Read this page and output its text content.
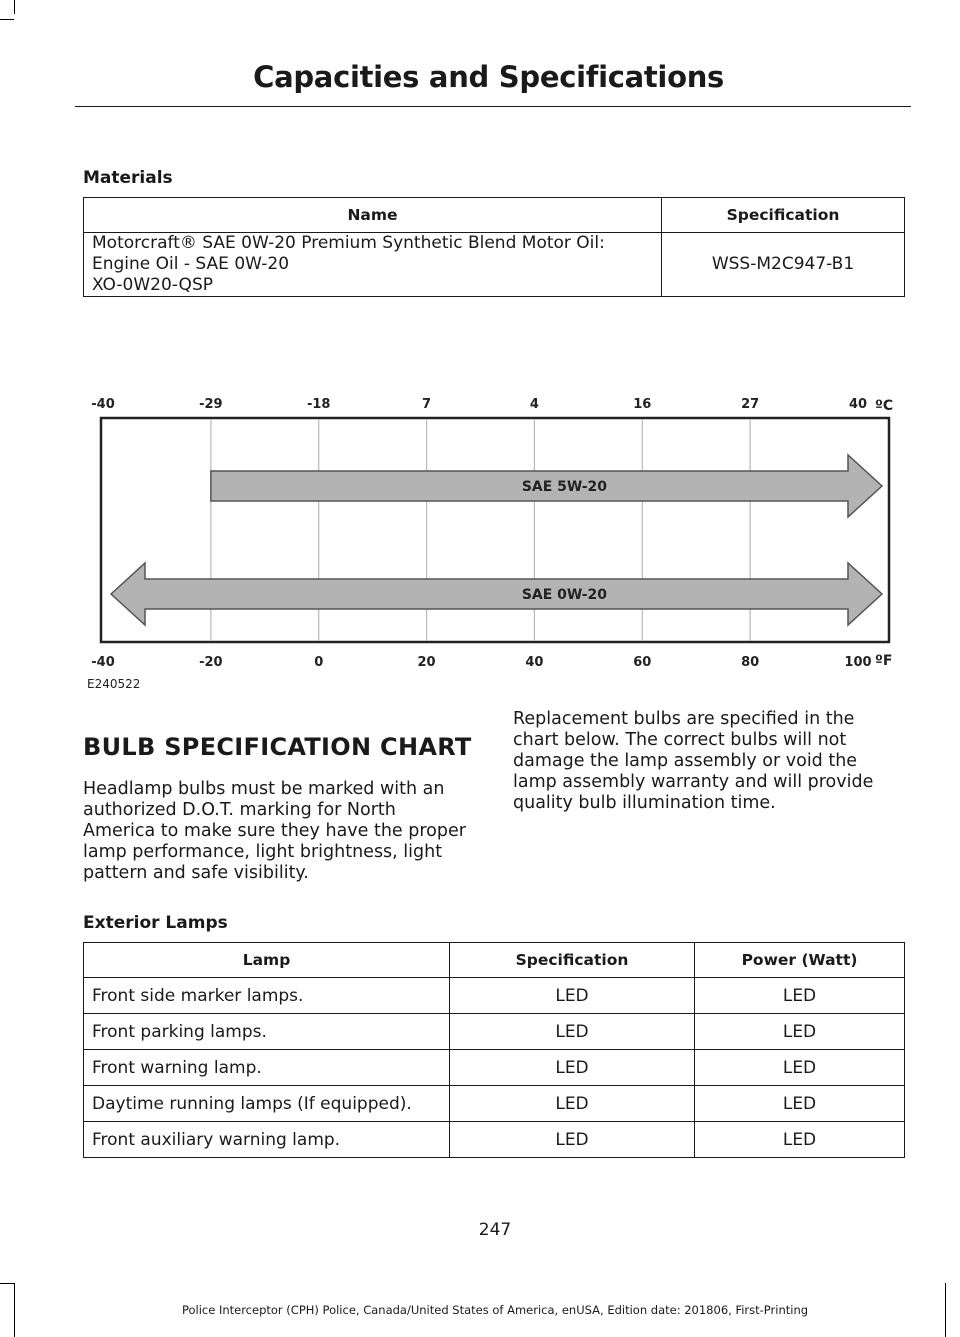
Capacities and Specifications
Materials
Name	Specification

Motorcraft® SAE 0W-20 Premium Synthetic Blend Motor Oil:
Engine Oil - SAE 0W-20
XO-0W20-QSP	WSS-M2C947-B1
-40	-29	-18	7	4	16	27	40 ºC
SAE 5W-20
SAE 0W-20
-40	-20	0	20	40	60	80	100 ºF
E240522
BULB SPECIFICATION CHART
Headlamp bulbs must be marked with an
authorized D.O.T. marking for North
America to make sure they have the proper
lamp performance, light brightness, light
pattern and safe visibility.
Replacement bulbs are specified in the
chart below. The correct bulbs will not
damage the lamp assembly or void the
lamp assembly warranty and will provide
quality bulb illumination time.
Exterior Lamps
Lamp	Specification	Power (Watt)
Front side marker lamps.	LED	LED
Front parking lamps.	LED	LED
Front warning lamp.	LED	LED
Daytime running lamps (If equipped).	LED	LED
Front auxiliary warning lamp.	LED	LED
247
Police Interceptor (CPH) Police, Canada/United States of America, enUSA, Edition date: 201806, First-Printing
